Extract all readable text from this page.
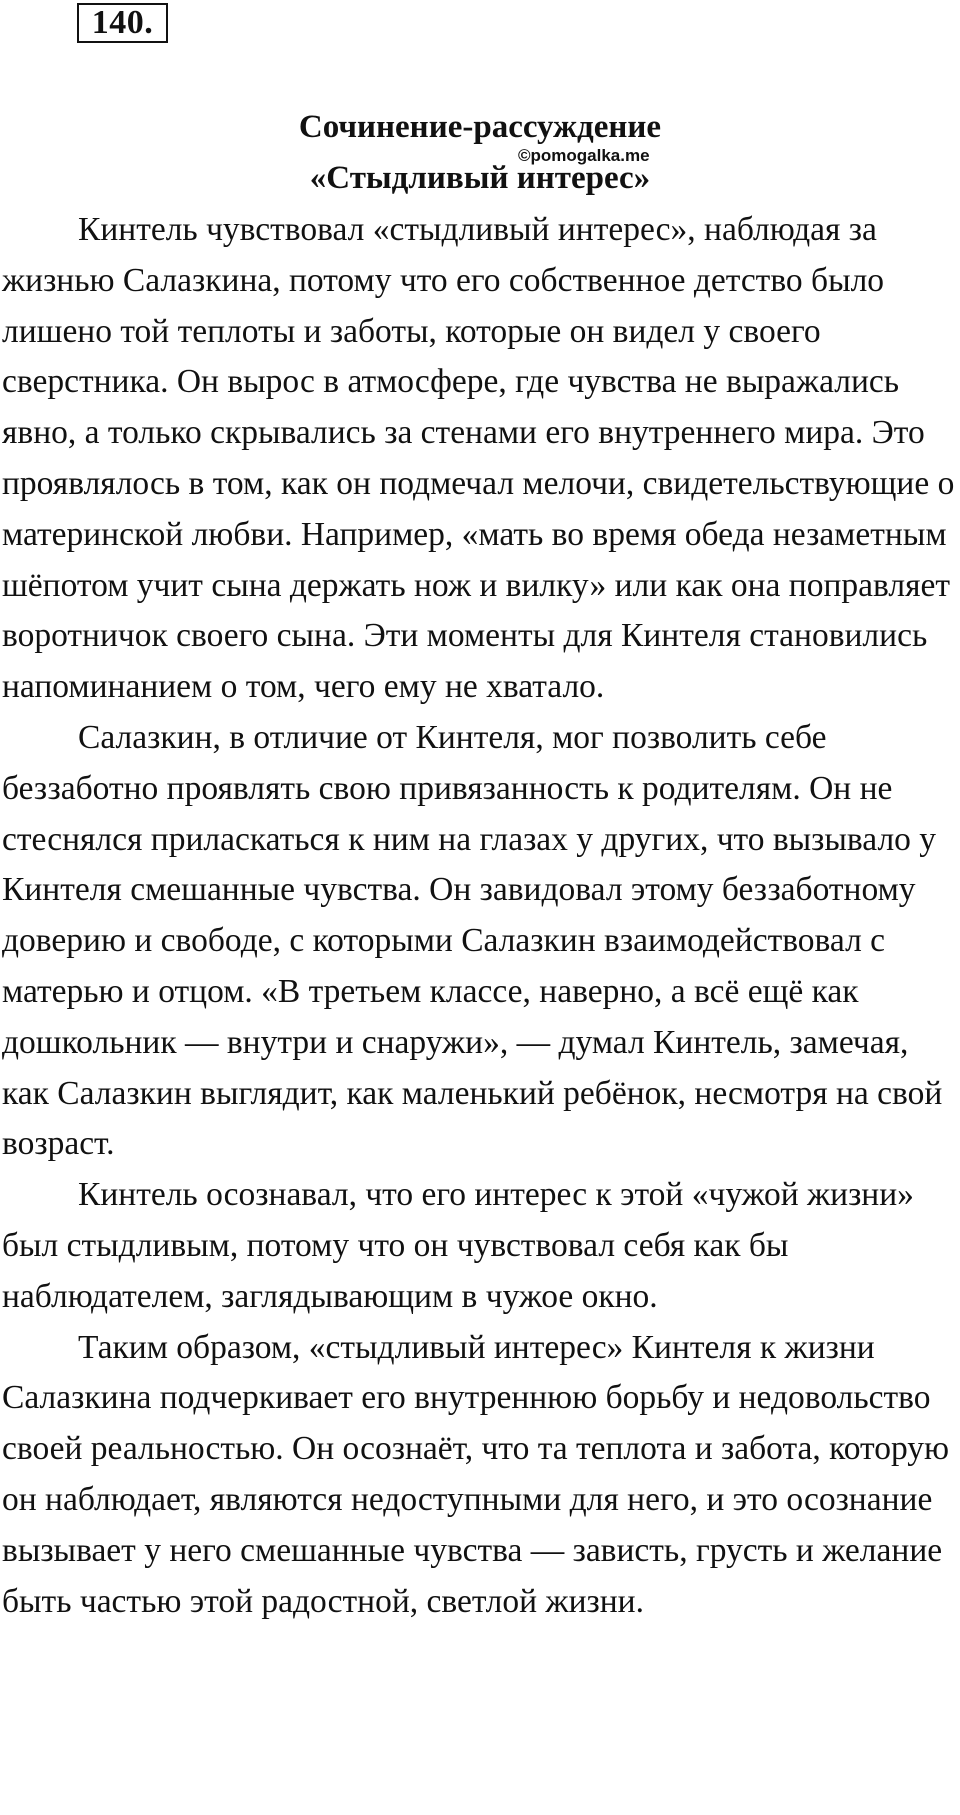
140.
Сочинение-рассуждение
©pomogalka.me
«Стыдливый интерес»

Кинтель чувствовал «стыдливый интерес», наблюдая за жизнью Салазкина, потому что его собственное детство было лишено той теплоты и заботы, которые он видел у своего сверстника. Он вырос в атмосфере, где чувства не выражались явно, а только скрывались за стенами его внутреннего мира. Это проявлялось в том, как он подмечал мелочи, свидетельствующие о материнской любви. Например, «мать во время обеда незаметным шёпотом учит сына держать нож и вилку» или как она поправляет воротничок своего сына. Эти моменты для Кинтеля становились напоминанием о том, чего ему не хватало.

Салазкин, в отличие от Кинтеля, мог позволить себе беззаботно проявлять свою привязанность к родителям. Он не стеснялся приласкаться к ним на глазах у других, что вызывало у Кинтеля смешанные чувства. Он завидовал этому беззаботному доверию и свободе, с которыми Салазкин взаимодействовал с матерью и отцом. «В третьем классе, наверно, а всё ещё как дошкольник — внутри и снаружи», — думал Кинтель, замечая, как Салазкин выглядит, как маленький ребёнок, несмотря на свой возраст.

Кинтель осознавал, что его интерес к этой «чужой жизни» был стыдливым, потому что он чувствовал себя как бы наблюдателем, заглядывающим в чужое окно.

Таким образом, «стыдливый интерес» Кинтеля к жизни Салазкина подчеркивает его внутреннюю борьбу и недовольство своей реальностью. Он осознаёт, что та теплота и забота, которую он наблюдает, являются недоступными для него, и это осознание вызывает у него смешанные чувства — зависть, грусть и желание быть частью этой радостной, светлой жизни.
